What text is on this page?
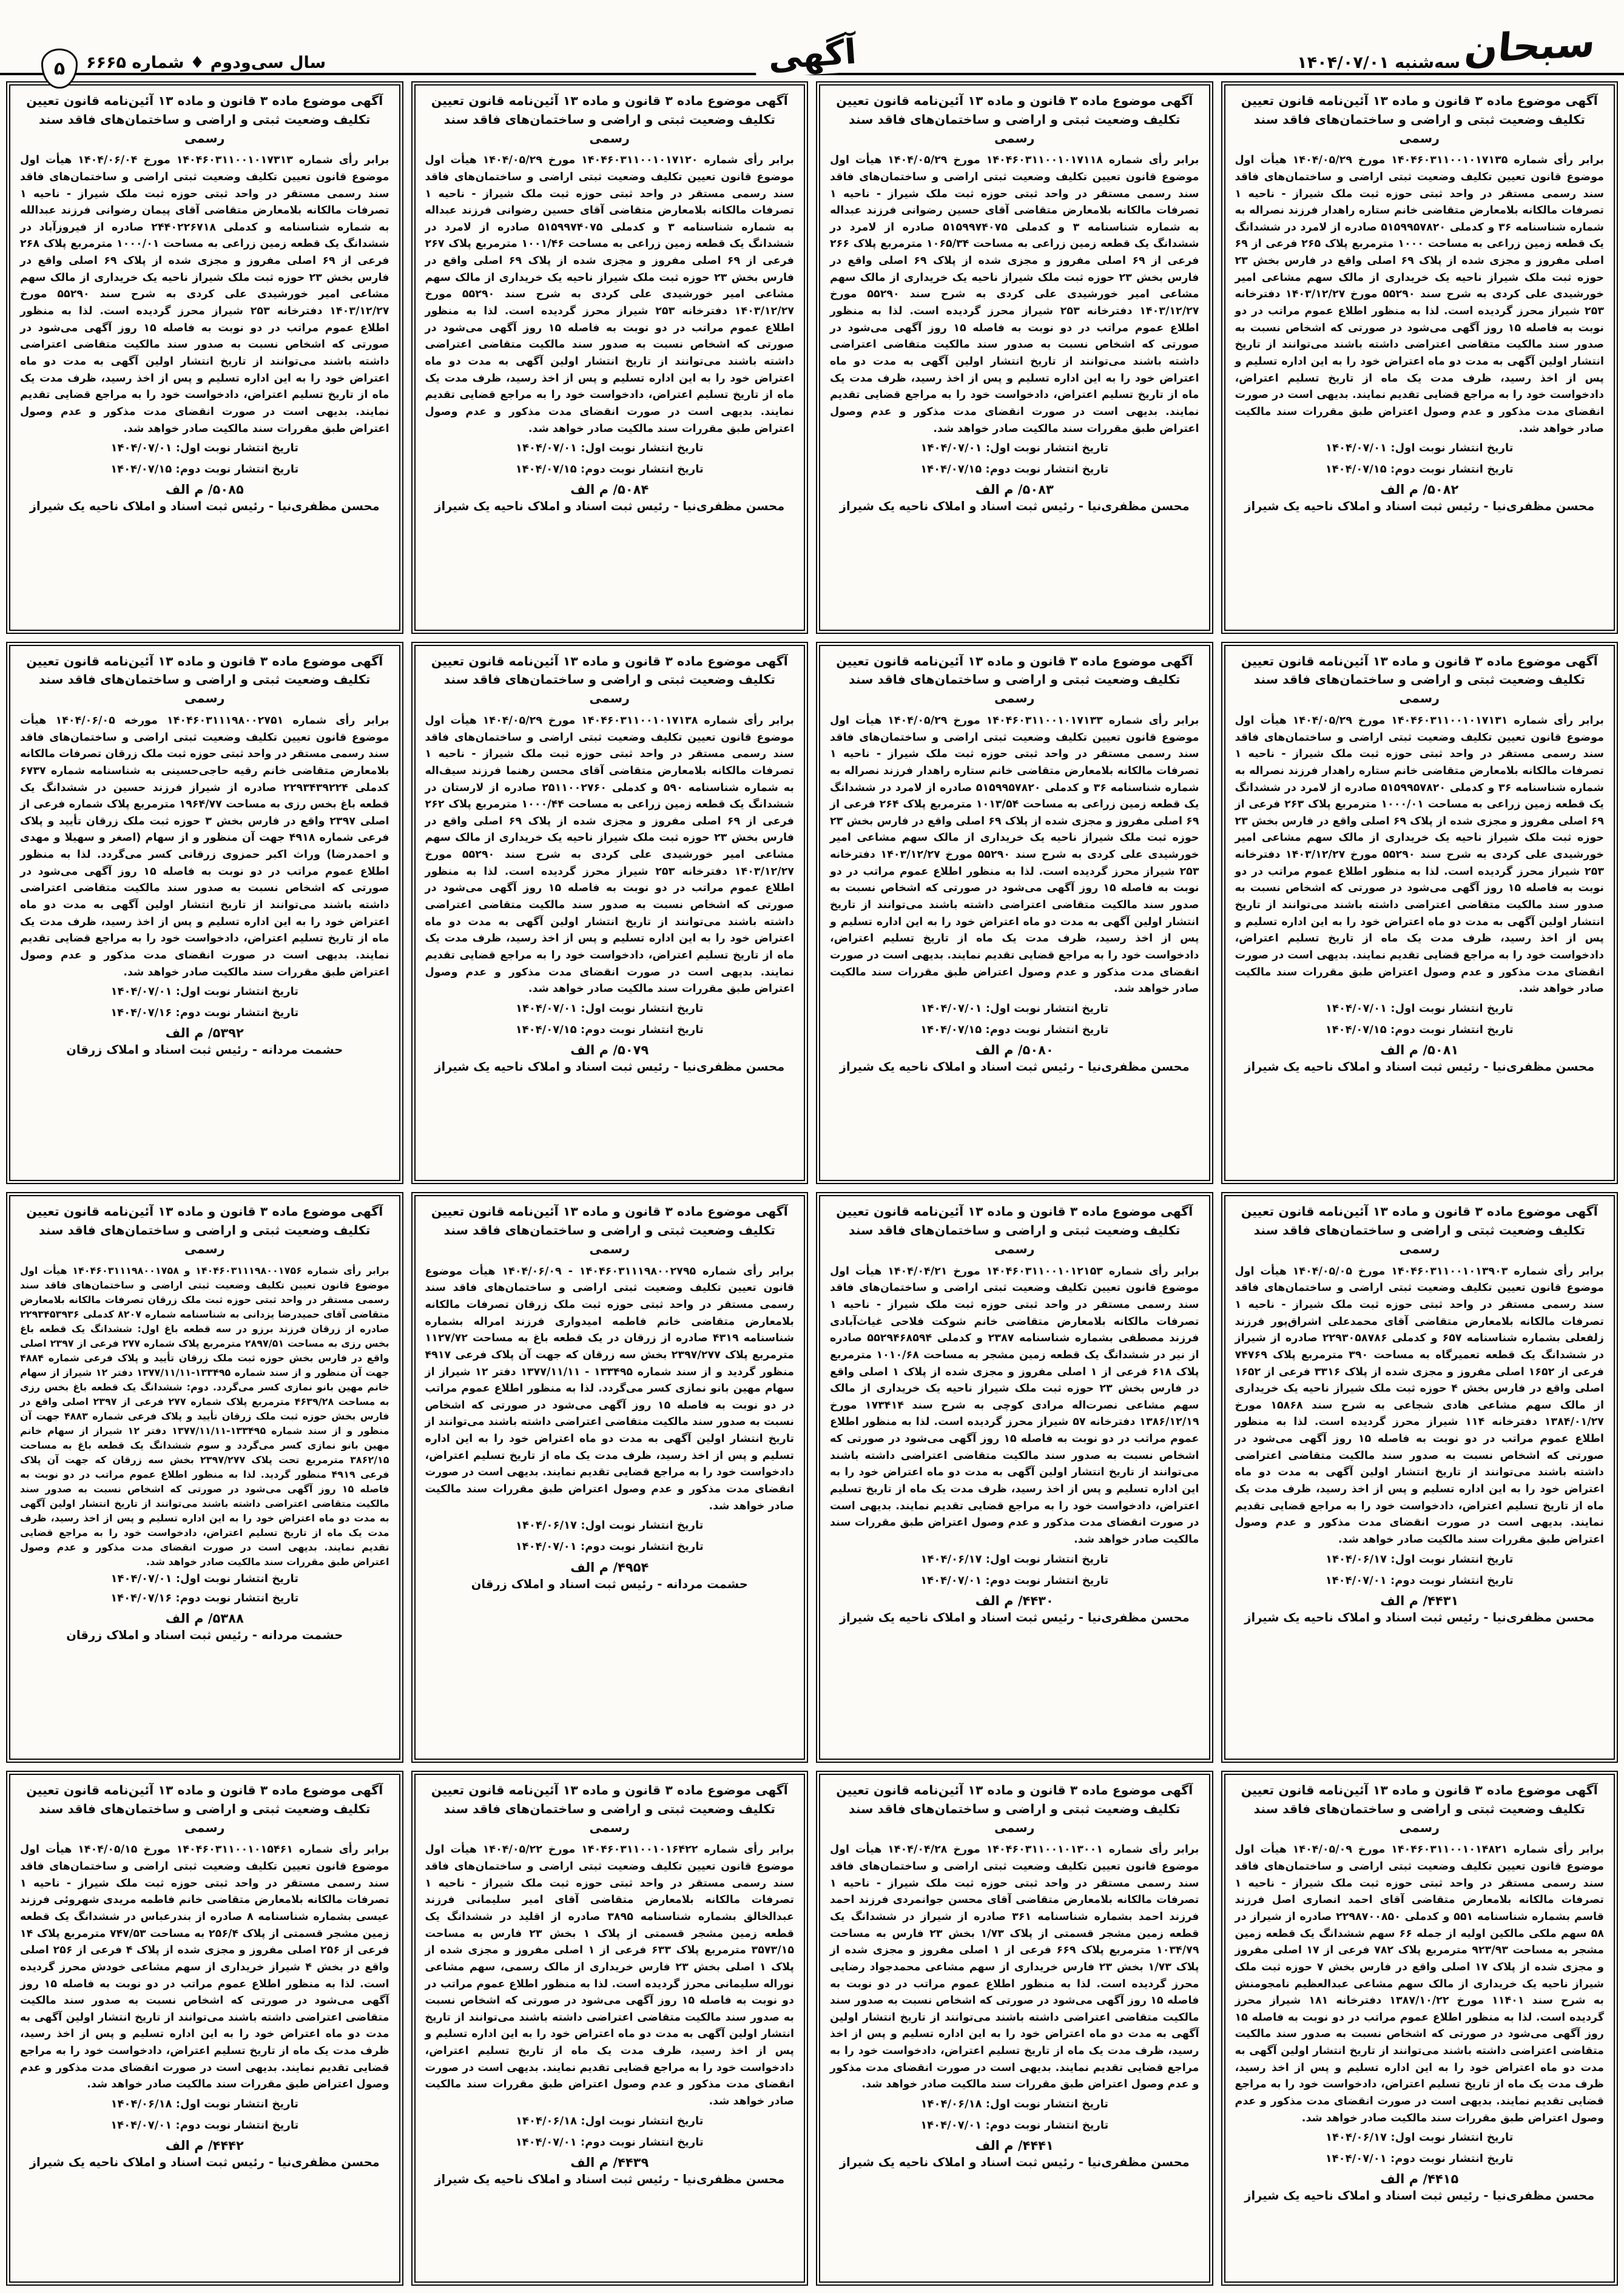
۵ سال سی‌ودوم ♦ شماره ۶۶۶۵	آگهی	سه‌شنبه ۱۴۰۴/۰۷/۰۱ سبحان
آگهی موضوع ماده ۳ قانون و ماده ۱۳ آئین‌نامه قانون تعیین
تکلیف وضعیت ثبتی و اراضی و ساختمان‌های فاقد سند رسمی

برابر رأی شماره ۱۴۰۴۶۰۳۱۱۰۰۱۰۱۷۱۳۵ مورخ ۱۴۰۴/۰۵/۲۹ هیأت اول موضوع قانون تعیین تکلیف وضعیت ثبتی اراضی و ساختمان‌های فاقد سند رسمی مستقر در واحد ثبتی حوزه ثبت ملک شیراز - ناحیه ۱ تصرفات مالکانه بلامعارض متقاضی خانم ستاره راهدار فرزند نصراله به شماره شناسنامه ۳۶ و کدملی ۵۱۵۹۹۵۷۸۲۰ صادره از لامرد در ششدانگ یک قطعه زمین زراعی به مساحت ۱۰۰۰ مترمربع پلاک ۲۶۵ فرعی از ۶۹ اصلی مفروز و مجزی شده از پلاک ۶۹ اصلی واقع در فارس بخش ۲۳ حوزه ثبت ملک شیراز ناحیه یک خریداری از مالک سهم مشاعی امیر خورشیدی علی کردی به شرح سند ۵۵۲۹۰ مورخ ۱۴۰۳/۱۲/۲۷ دفترخانه ۲۵۳ شیراز محرز گردیده است. لذا به منظور اطلاع عموم مراتب در دو نوبت به فاصله ۱۵ روز آگهی می‌شود در صورتی که اشخاص نسبت به صدور سند مالکیت متقاضی اعتراضی داشته باشند می‌توانند از تاریخ انتشار اولین آگهی به مدت دو ماه اعتراض خود را به این اداره تسلیم و پس از اخذ رسید، ظرف مدت یک ماه از تاریخ تسلیم اعتراض، دادخواست خود را به مراجع قضایی تقدیم نمایند. بدیهی است در صورت انقضای مدت مذکور و عدم وصول اعتراض طبق مقررات سند مالکیت صادر خواهد شد.

تاریخ انتشار نوبت اول: ۱۴۰۴/۰۷/۰۱
تاریخ انتشار نوبت دوم: ۱۴۰۴/۰۷/۱۵
۵۰۸۲/ م الف
محسن مظفری‌نیا - رئیس ثبت اسناد و املاک ناحیه یک شیراز
آگهی موضوع ماده ۳ قانون و ماده ۱۳ آئین‌نامه قانون تعیین
تکلیف وضعیت ثبتی و اراضی و ساختمان‌های فاقد سند رسمی

برابر رأی شماره ۱۴۰۴۶۰۳۱۱۰۰۱۰۱۷۱۱۸ مورخ ۱۴۰۴/۰۵/۲۹ هیأت اول موضوع قانون تعیین تکلیف وضعیت ثبتی اراضی و ساختمان‌های فاقد سند رسمی مستقر در واحد ثبتی حوزه ثبت ملک شیراز - ناحیه ۱ تصرفات مالکانه بلامعارض متقاضی آقای حسین رضوانی فرزند عبداله به شماره شناسنامه ۳ و کدملی ۵۱۵۹۹۷۴۰۷۵ صادره از لامرد در ششدانگ یک قطعه زمین زراعی به مساحت ۱۰۶۵/۳۴ مترمربع پلاک ۲۶۶ فرعی از ۶۹ اصلی مفروز و مجزی شده از پلاک ۶۹ اصلی واقع در فارس بخش ۲۳ حوزه ثبت ملک شیراز ناحیه یک خریداری از مالک سهم مشاعی امیر خورشیدی علی کردی به شرح سند ۵۵۲۹۰ مورخ ۱۴۰۳/۱۲/۲۷ دفترخانه ۲۵۳ شیراز محرز گردیده است. لذا به منظور اطلاع عموم مراتب در دو نوبت به فاصله ۱۵ روز آگهی می‌شود در صورتی که اشخاص نسبت به صدور سند مالکیت متقاضی اعتراضی داشته باشند می‌توانند از تاریخ انتشار اولین آگهی به مدت دو ماه اعتراض خود را به این اداره تسلیم و پس از اخذ رسید، ظرف مدت یک ماه از تاریخ تسلیم اعتراض، دادخواست خود را به مراجع قضایی تقدیم نمایند. بدیهی است در صورت انقضای مدت مذکور و عدم وصول اعتراض طبق مقررات سند مالکیت صادر خواهد شد.

تاریخ انتشار نوبت اول: ۱۴۰۴/۰۷/۰۱
تاریخ انتشار نوبت دوم: ۱۴۰۴/۰۷/۱۵
۵۰۸۳/ م الف
محسن مظفری‌نیا - رئیس ثبت اسناد و املاک ناحیه یک شیراز
آگهی موضوع ماده ۳ قانون و ماده ۱۳ آئین‌نامه قانون تعیین
تکلیف وضعیت ثبتی و اراضی و ساختمان‌های فاقد سند رسمی

برابر رأی شماره ۱۴۰۴۶۰۳۱۱۰۰۱۰۱۷۱۲۰ مورخ ۱۴۰۴/۰۵/۲۹ هیأت اول موضوع قانون تعیین تکلیف وضعیت ثبتی اراضی و ساختمان‌های فاقد سند رسمی مستقر در واحد ثبتی حوزه ثبت ملک شیراز - ناحیه ۱ تصرفات مالکانه بلامعارض متقاضی آقای حسین رضوانی فرزند عبداله به شماره شناسنامه ۳ و کدملی ۵۱۵۹۹۷۴۰۷۵ صادره از لامرد در ششدانگ یک قطعه زمین زراعی به مساحت ۱۰۰۱/۴۶ مترمربع پلاک ۲۶۷ فرعی از ۶۹ اصلی مفروز و مجزی شده از پلاک ۶۹ اصلی واقع در فارس بخش ۲۳ حوزه ثبت ملک شیراز ناحیه یک خریداری از مالک سهم مشاعی امیر خورشیدی علی کردی به شرح سند ۵۵۲۹۰ مورخ ۱۴۰۳/۱۲/۲۷ دفترخانه ۲۵۳ شیراز محرز گردیده است. لذا به منظور اطلاع عموم مراتب در دو نوبت به فاصله ۱۵ روز آگهی می‌شود در صورتی که اشخاص نسبت به صدور سند مالکیت متقاضی اعتراضی داشته باشند می‌توانند از تاریخ انتشار اولین آگهی به مدت دو ماه اعتراض خود را به این اداره تسلیم و پس از اخذ رسید، ظرف مدت یک ماه از تاریخ تسلیم اعتراض، دادخواست خود را به مراجع قضایی تقدیم نمایند. بدیهی است در صورت انقضای مدت مذکور و عدم وصول اعتراض طبق مقررات سند مالکیت صادر خواهد شد.

تاریخ انتشار نوبت اول: ۱۴۰۴/۰۷/۰۱
تاریخ انتشار نوبت دوم: ۱۴۰۴/۰۷/۱۵
۵۰۸۴/ م الف
محسن مظفری‌نیا - رئیس ثبت اسناد و املاک ناحیه یک شیراز
آگهی موضوع ماده ۳ قانون و ماده ۱۳ آئین‌نامه قانون تعیین
تکلیف وضعیت ثبتی و اراضی و ساختمان‌های فاقد سند رسمی

برابر رأی شماره ۱۴۰۴۶۰۳۱۱۰۰۱۰۱۷۳۱۳ مورخ ۱۴۰۴/۰۶/۰۴ هیأت اول موضوع قانون تعیین تکلیف وضعیت ثبتی اراضی و ساختمان‌های فاقد سند رسمی مستقر در واحد ثبتی حوزه ثبت ملک شیراز - ناحیه ۱ تصرفات مالکانه بلامعارض متقاضی آقای پیمان رضوانی فرزند عبدالله به شماره شناسنامه و کدملی ۲۴۴۰۲۲۶۷۱۸ صادره از فیروزآباد در ششدانگ یک قطعه زمین زراعی به مساحت ۱۰۰۰/۰۱ مترمربع پلاک ۲۶۸ فرعی از ۶۹ اصلی مفروز و مجزی شده از پلاک ۶۹ اصلی واقع در فارس بخش ۲۳ حوزه ثبت ملک شیراز ناحیه یک خریداری از مالک سهم مشاعی امیر خورشیدی علی کردی به شرح سند ۵۵۲۹۰ مورخ ۱۴۰۳/۱۲/۲۷ دفترخانه ۲۵۳ شیراز محرز گردیده است. لذا به منظور اطلاع عموم مراتب در دو نوبت به فاصله ۱۵ روز آگهی می‌شود در صورتی که اشخاص نسبت به صدور سند مالکیت متقاضی اعتراضی داشته باشند می‌توانند از تاریخ انتشار اولین آگهی به مدت دو ماه اعتراض خود را به این اداره تسلیم و پس از اخذ رسید، ظرف مدت یک ماه از تاریخ تسلیم اعتراض، دادخواست خود را به مراجع قضایی تقدیم نمایند. بدیهی است در صورت انقضای مدت مذکور و عدم وصول اعتراض طبق مقررات سند مالکیت صادر خواهد شد.

تاریخ انتشار نوبت اول: ۱۴۰۴/۰۷/۰۱
تاریخ انتشار نوبت دوم: ۱۴۰۴/۰۷/۱۵
۵۰۸۵/ م الف
محسن مظفری‌نیا - رئیس ثبت اسناد و املاک ناحیه یک شیراز
آگهی موضوع ماده ۳ قانون و ماده ۱۳ آئین‌نامه قانون تعیین
تکلیف وضعیت ثبتی و اراضی و ساختمان‌های فاقد سند رسمی

برابر رأی شماره ۱۴۰۴۶۰۳۱۱۰۰۱۰۱۷۱۳۱ مورخ ۱۴۰۴/۰۵/۲۹ هیأت اول موضوع قانون تعیین تکلیف وضعیت ثبتی اراضی و ساختمان‌های فاقد سند رسمی مستقر در واحد ثبتی حوزه ثبت ملک شیراز - ناحیه ۱ تصرفات مالکانه بلامعارض متقاضی خانم ستاره راهدار فرزند نصراله به شماره شناسنامه ۳۶ و کدملی ۵۱۵۹۹۵۷۸۲۰ صادره از لامرد در ششدانگ یک قطعه زمین زراعی به مساحت ۱۰۰۰/۰۱ مترمربع پلاک ۲۶۳ فرعی از ۶۹ اصلی مفروز و مجزی شده از پلاک ۶۹ اصلی واقع در فارس بخش ۲۳ حوزه ثبت ملک شیراز ناحیه یک خریداری از مالک سهم مشاعی امیر خورشیدی علی کردی به شرح سند ۵۵۲۹۰ مورخ ۱۴۰۳/۱۲/۲۷ دفترخانه ۲۵۳ شیراز محرز گردیده است. لذا به منظور اطلاع عموم مراتب در دو نوبت به فاصله ۱۵ روز آگهی می‌شود در صورتی که اشخاص نسبت به صدور سند مالکیت متقاضی اعتراضی داشته باشند می‌توانند از تاریخ انتشار اولین آگهی به مدت دو ماه اعتراض خود را به این اداره تسلیم و پس از اخذ رسید، ظرف مدت یک ماه از تاریخ تسلیم اعتراض، دادخواست خود را به مراجع قضایی تقدیم نمایند. بدیهی است در صورت انقضای مدت مذکور و عدم وصول اعتراض طبق مقررات سند مالکیت صادر خواهد شد.

تاریخ انتشار نوبت اول: ۱۴۰۴/۰۷/۰۱
تاریخ انتشار نوبت دوم: ۱۴۰۴/۰۷/۱۵
۵۰۸۱/ م الف
محسن مظفری‌نیا - رئیس ثبت اسناد و املاک ناحیه یک شیراز
آگهی موضوع ماده ۳ قانون و ماده ۱۳ آئین‌نامه قانون تعیین
تکلیف وضعیت ثبتی و اراضی و ساختمان‌های فاقد سند رسمی

برابر رأی شماره ۱۴۰۴۶۰۳۱۱۰۰۱۰۱۷۱۳۳ مورخ ۱۴۰۴/۰۵/۲۹ هیأت اول موضوع قانون تعیین تکلیف وضعیت ثبتی اراضی و ساختمان‌های فاقد سند رسمی مستقر در واحد ثبتی حوزه ثبت ملک شیراز - ناحیه ۱ تصرفات مالکانه بلامعارض متقاضی خانم ستاره راهدار فرزند نصراله به شماره شناسنامه ۳۶ و کدملی ۵۱۵۹۹۵۷۸۲۰ صادره از لامرد در ششدانگ یک قطعه زمین زراعی به مساحت ۱۰۱۳/۵۴ مترمربع پلاک ۲۶۴ فرعی از ۶۹ اصلی مفروز و مجزی شده از پلاک ۶۹ اصلی واقع در فارس بخش ۲۳ حوزه ثبت ملک شیراز ناحیه یک خریداری از مالک سهم مشاعی امیر خورشیدی علی کردی به شرح سند ۵۵۲۹۰ مورخ ۱۴۰۳/۱۲/۲۷ دفترخانه ۲۵۳ شیراز محرز گردیده است. لذا به منظور اطلاع عموم مراتب در دو نوبت به فاصله ۱۵ روز آگهی می‌شود در صورتی که اشخاص نسبت به صدور سند مالکیت متقاضی اعتراضی داشته باشند می‌توانند از تاریخ انتشار اولین آگهی به مدت دو ماه اعتراض خود را به این اداره تسلیم و پس از اخذ رسید، ظرف مدت یک ماه از تاریخ تسلیم اعتراض، دادخواست خود را به مراجع قضایی تقدیم نمایند. بدیهی است در صورت انقضای مدت مذکور و عدم وصول اعتراض طبق مقررات سند مالکیت صادر خواهد شد.

تاریخ انتشار نوبت اول: ۱۴۰۴/۰۷/۰۱
تاریخ انتشار نوبت دوم: ۱۴۰۴/۰۷/۱۵
۵۰۸۰/ م الف
محسن مظفری‌نیا - رئیس ثبت اسناد و املاک ناحیه یک شیراز
آگهی موضوع ماده ۳ قانون و ماده ۱۳ آئین‌نامه قانون تعیین
تکلیف وضعیت ثبتی و اراضی و ساختمان‌های فاقد سند رسمی

برابر رأی شماره ۱۴۰۴۶۰۳۱۱۰۰۱۰۱۷۱۳۸ مورخ ۱۴۰۴/۰۵/۲۹ هیأت اول موضوع قانون تعیین تکلیف وضعیت ثبتی اراضی و ساختمان‌های فاقد سند رسمی مستقر در واحد ثبتی حوزه ثبت ملک شیراز - ناحیه ۱ تصرفات مالکانه بلامعارض متقاضی آقای محسن رهنما فرزند سیف‌اله به شماره شناسنامه ۵۹۰ و کدملی ۲۵۱۱۰۰۲۷۶۰ صادره از لارستان در ششدانگ یک قطعه زمین زراعی به مساحت ۱۰۰۰/۴۴ مترمربع پلاک ۲۶۲ فرعی از ۶۹ اصلی مفروز و مجزی شده از پلاک ۶۹ اصلی واقع در فارس بخش ۲۳ حوزه ثبت ملک شیراز ناحیه یک خریداری از مالک سهم مشاعی امیر خورشیدی علی کردی به شرح سند ۵۵۲۹۰ مورخ ۱۴۰۳/۱۲/۲۷ دفترخانه ۲۵۳ شیراز محرز گردیده است. لذا به منظور اطلاع عموم مراتب در دو نوبت به فاصله ۱۵ روز آگهی می‌شود در صورتی که اشخاص نسبت به صدور سند مالکیت متقاضی اعتراضی داشته باشند می‌توانند از تاریخ انتشار اولین آگهی به مدت دو ماه اعتراض خود را به این اداره تسلیم و پس از اخذ رسید، ظرف مدت یک ماه از تاریخ تسلیم اعتراض، دادخواست خود را به مراجع قضایی تقدیم نمایند. بدیهی است در صورت انقضای مدت مذکور و عدم وصول اعتراض طبق مقررات سند مالکیت صادر خواهد شد.

تاریخ انتشار نوبت اول: ۱۴۰۴/۰۷/۰۱
تاریخ انتشار نوبت دوم: ۱۴۰۴/۰۷/۱۵
۵۰۷۹/ م الف
محسن مظفری‌نیا - رئیس ثبت اسناد و املاک ناحیه یک شیراز
آگهی موضوع ماده ۳ قانون و ماده ۱۳ آئین‌نامه قانون تعیین
تکلیف وضعیت ثبتی و اراضی و ساختمان‌های فاقد سند رسمی

برابر رأی شماره ۱۴۰۴۶۰۳۱۱۱۹۸۰۰۲۷۵۱ مورخه ۱۴۰۴/۰۶/۰۵ هیأت موضوع قانون تعیین تکلیف وضعیت ثبتی اراضی و ساختمان‌های فاقد سند رسمی مستقر در واحد ثبتی حوزه ثبت ملک زرقان تصرفات مالکانه بلامعارض متقاضی خانم رقیه حاجی‌حسینی به شناسنامه شماره ۶۷۳۷ کدملی ۲۲۹۳۴۳۹۲۲۴ صادره از شیراز فرزند حسین در ششدانگ یک قطعه باغ بخس رزی به مساحت ۱۹۶۴/۷۷ مترمربع پلاک شماره فرعی از اصلی ۲۳۹۷ واقع در فارس بخش ۳ حوزه ثبت ملک زرقان تأیید و پلاک فرعی شماره ۴۹۱۸ جهت آن منظور و از سهام (اصغر و سهیلا و مهدی و احمدرضا) وراث اکبر حمزوی زرقانی کسر می‌گردد. لذا به منظور اطلاع عموم مراتب در دو نوبت به فاصله ۱۵ روز آگهی می‌شود در صورتی که اشخاص نسبت به صدور سند مالکیت متقاضی اعتراضی داشته باشند می‌توانند از تاریخ انتشار اولین آگهی به مدت دو ماه اعتراض خود را به این اداره تسلیم و پس از اخذ رسید، ظرف مدت یک ماه از تاریخ تسلیم اعتراض، دادخواست خود را به مراجع قضایی تقدیم نمایند. بدیهی است در صورت انقضای مدت مذکور و عدم وصول اعتراض طبق مقررات سند مالکیت صادر خواهد شد.

تاریخ انتشار نوبت اول: ۱۴۰۴/۰۷/۰۱
تاریخ انتشار نوبت دوم: ۱۴۰۴/۰۷/۱۶
۵۳۹۲/ م الف
حشمت مردانه - رئیس ثبت اسناد و املاک زرقان
آگهی موضوع ماده ۳ قانون و ماده ۱۳ آئین‌نامه قانون تعیین
تکلیف وضعیت ثبتی و اراضی و ساختمان‌های فاقد سند رسمی

برابر رأی شماره ۱۴۰۴۶۰۳۱۱۰۰۱۰۱۳۹۰۳ مورخ ۱۴۰۴/۰۵/۰۵ هیأت اول موضوع قانون تعیین تکلیف وضعیت ثبتی اراضی و ساختمان‌های فاقد سند رسمی مستقر در واحد ثبتی حوزه ثبت ملک شیراز - ناحیه ۱ تصرفات مالکانه بلامعارض متقاضی آقای محمدعلی اشراق‌پور فرزند زلفعلی بشماره شناسنامه ۶۵۷ و کدملی ۲۲۹۳۰۵۸۷۸۶ صادره از شیراز در ششدانگ یک قطعه تعمیرگاه به مساحت ۳۹۰ مترمربع پلاک ۷۴۷۶۹ فرعی از ۱۶۵۲ اصلی مفروز و مجزی شده از پلاک ۳۳۱۶ فرعی از ۱۶۵۲ اصلی واقع در فارس بخش ۴ حوزه ثبت ملک شیراز ناحیه یک خریداری از مالک سهم مشاعی هادی شجاعی به شرح سند ۱۵۸۶۸ مورخ ۱۳۸۴/۰۱/۲۷ دفترخانه ۱۱۴ شیراز محرز گردیده است. لذا به منظور اطلاع عموم مراتب در دو نوبت به فاصله ۱۵ روز آگهی می‌شود در صورتی که اشخاص نسبت به صدور سند مالکیت متقاضی اعتراضی داشته باشند می‌توانند از تاریخ انتشار اولین آگهی به مدت دو ماه اعتراض خود را به این اداره تسلیم و پس از اخذ رسید، ظرف مدت یک ماه از تاریخ تسلیم اعتراض، دادخواست خود را به مراجع قضایی تقدیم نمایند. بدیهی است در صورت انقضای مدت مذکور و عدم وصول اعتراض طبق مقررات سند مالکیت صادر خواهد شد.

تاریخ انتشار نوبت اول: ۱۴۰۴/۰۶/۱۷
تاریخ انتشار نوبت دوم: ۱۴۰۴/۰۷/۰۱
۴۴۳۱/ م الف
محسن مظفری‌نیا - رئیس ثبت اسناد و املاک ناحیه یک شیراز
آگهی موضوع ماده ۳ قانون و ماده ۱۳ آئین‌نامه قانون تعیین
تکلیف وضعیت ثبتی و اراضی و ساختمان‌های فاقد سند رسمی

برابر رأی شماره ۱۴۰۴۶۰۳۱۱۰۰۱۰۱۲۱۵۳ مورخ ۱۴۰۴/۰۴/۲۱ هیأت اول موضوع قانون تعیین تکلیف وضعیت ثبتی اراضی و ساختمان‌های فاقد سند رسمی مستقر در واحد ثبتی حوزه ثبت ملک شیراز - ناحیه ۱ تصرفات مالکانه بلامعارض متقاضی خانم شوکت فلاحی غیاث‌آبادی فرزند مصطفی بشماره شناسنامه ۲۳۸۷ و کدملی ۵۵۲۹۴۶۸۵۹۴ صادره از نیر در ششدانگ یک قطعه زمین مشجر به مساحت ۱۰۱۰/۶۸ مترمربع پلاک ۶۱۸ فرعی از ۱ اصلی مفروز و مجزی شده از پلاک ۱ اصلی واقع در فارس بخش ۲۳ حوزه ثبت ملک شیراز ناحیه یک خریداری از مالک سهم مشاعی نصرت‌اله مرادی کوچی به شرح سند ۱۷۳۴۱۴ مورخ ۱۳۸۶/۱۲/۱۹ دفترخانه ۵۷ شیراز محرز گردیده است. لذا به منظور اطلاع عموم مراتب در دو نوبت به فاصله ۱۵ روز آگهی می‌شود در صورتی که اشخاص نسبت به صدور سند مالکیت متقاضی اعتراضی داشته باشند می‌توانند از تاریخ انتشار اولین آگهی به مدت دو ماه اعتراض خود را به این اداره تسلیم و پس از اخذ رسید، ظرف مدت یک ماه از تاریخ تسلیم اعتراض، دادخواست خود را به مراجع قضایی تقدیم نمایند. بدیهی است در صورت انقضای مدت مذکور و عدم وصول اعتراض طبق مقررات سند مالکیت صادر خواهد شد.

تاریخ انتشار نوبت اول: ۱۴۰۴/۰۶/۱۷
تاریخ انتشار نوبت دوم: ۱۴۰۴/۰۷/۰۱
۴۴۳۰/ م الف
محسن مظفری‌نیا - رئیس ثبت اسناد و املاک ناحیه یک شیراز
آگهی موضوع ماده ۳ قانون و ماده ۱۳ آئین‌نامه قانون تعیین
تکلیف وضعیت ثبتی و اراضی و ساختمان‌های فاقد سند رسمی

برابر رأی شماره ۱۴۰۴۶۰۳۱۱۱۹۸۰۰۲۷۹۵ - ۱۴۰۴/۰۶/۰۹ هیأت موضوع قانون تعیین تکلیف وضعیت ثبتی اراضی و ساختمان‌های فاقد سند رسمی مستقر در واحد ثبتی حوزه ثبت ملک زرقان تصرفات مالکانه بلامعارض متقاضی خانم فاطمه امیدواری فرزند امراله بشماره شناسنامه ۴۳۱۹ صادره از زرقان در یک قطعه باغ به مساحت ۱۱۲۷/۷۲ مترمربع پلاک ۲۳۹۷/۲۷۷ بخش سه زرقان که جهت آن پلاک فرعی ۴۹۱۷ منظور گردید و از سند شماره ۱۳۳۴۹۵ - ۱۳۷۷/۱۱/۱۱ دفتر ۱۲ شیراز از سهام مهین بانو نمازی کسر می‌گردد. لذا به منظور اطلاع عموم مراتب در دو نوبت به فاصله ۱۵ روز آگهی می‌شود در صورتی که اشخاص نسبت به صدور سند مالکیت متقاضی اعتراضی داشته باشند می‌توانند از تاریخ انتشار اولین آگهی به مدت دو ماه اعتراض خود را به این اداره تسلیم و پس از اخذ رسید، ظرف مدت یک ماه از تاریخ تسلیم اعتراض، دادخواست خود را به مراجع قضایی تقدیم نمایند. بدیهی است در صورت انقضای مدت مذکور و عدم وصول اعتراض طبق مقررات سند مالکیت صادر خواهد شد.

تاریخ انتشار نوبت اول: ۱۴۰۴/۰۶/۱۷
تاریخ انتشار نوبت دوم: ۱۴۰۴/۰۷/۰۱
۴۹۵۴/ م الف
حشمت مردانه - رئیس ثبت اسناد و املاک زرقان
آگهی موضوع ماده ۳ قانون و ماده ۱۳ آئین‌نامه قانون تعیین
تکلیف وضعیت ثبتی و اراضی و ساختمان‌های فاقد سند رسمی

برابر رأی شماره ۱۴۰۴۶۰۳۱۱۱۹۸۰۰۱۷۵۶ و ۱۴۰۴۶۰۳۱۱۱۹۸۰۰۱۷۵۸ هیأت اول موضوع قانون تعیین تکلیف وضعیت ثبتی اراضی و ساختمان‌های فاقد سند رسمی مستقر در واحد ثبتی حوزه ثبت ملک زرقان تصرفات مالکانه بلامعارض متقاضی آقای حمیدرضا یزدانی به شناسنامه شماره ۸۲۰۷ کدملی ۲۲۹۳۴۵۳۹۳۶ صادره از زرقان فرزند برزو در سه قطعه باغ اول: ششدانگ یک قطعه باغ بخس رزی به مساحت ۲۸۹۷/۵۱ مترمربع پلاک شماره ۲۷۷ فرعی از ۲۳۹۷ اصلی واقع در فارس بخش حوزه ثبت ملک زرقان تأیید و پلاک فرعی شماره ۴۸۸۴ جهت آن منظور و از سند شماره ۱۳۳۴۹۵-۱۳۷۷/۱۱/۱۱ دفتر ۱۲ شیراز از سهام خانم مهین بانو نمازی کسر می‌گردد. دوم: ششدانگ یک قطعه باغ بخس رزی به مساحت ۴۶۳۹/۲۸ مترمربع پلاک شماره ۲۷۷ فرعی از ۲۳۹۷ اصلی واقع در فارس بخش حوزه ثبت ملک زرقان تأیید و پلاک فرعی شماره ۴۸۸۳ جهت آن منظور و از سند شماره ۱۳۳۴۹۵-۱۳۷۷/۱۱/۱۱ دفتر ۱۲ شیراز از سهام خانم مهین بانو نمازی کسر می‌گردد و سوم ششدانگ یک قطعه باغ به مساحت ۳۸۶۲/۱۵ مترمربع تحت پلاک ۲۳۹۷/۲۷۷ بخش سه زرقان که جهت آن پلاک فرعی ۴۹۱۹ منظور گردید. لذا به منظور اطلاع عموم مراتب در دو نوبت به فاصله ۱۵ روز آگهی می‌شود در صورتی که اشخاص نسبت به صدور سند مالکیت متقاضی اعتراضی داشته باشند می‌توانند از تاریخ انتشار اولین آگهی به مدت دو ماه اعتراض خود را به این اداره تسلیم و پس از اخذ رسید، ظرف مدت یک ماه از تاریخ تسلیم اعتراض، دادخواست خود را به مراجع قضایی تقدیم نمایند. بدیهی است در صورت انقضای مدت مذکور و عدم وصول اعتراض طبق مقررات سند مالکیت صادر خواهد شد.

تاریخ انتشار نوبت اول: ۱۴۰۴/۰۷/۰۱
تاریخ انتشار نوبت دوم: ۱۴۰۴/۰۷/۱۶
۵۳۸۸/ م الف
حشمت مردانه - رئیس ثبت اسناد و املاک زرقان
آگهی موضوع ماده ۳ قانون و ماده ۱۳ آئین‌نامه قانون تعیین
تکلیف وضعیت ثبتی و اراضی و ساختمان‌های فاقد سند رسمی

برابر رأی شماره ۱۴۰۴۶۰۳۱۱۰۰۱۰۱۴۸۲۱ مورخ ۱۴۰۴/۰۵/۰۹ هیأت اول موضوع قانون تعیین تکلیف وضعیت ثبتی اراضی و ساختمان‌های فاقد سند رسمی مستقر در واحد ثبتی حوزه ثبت ملک شیراز - ناحیه ۱ تصرفات مالکانه بلامعارض متقاضی آقای احمد انصاری اصل فرزند قاسم بشماره شناسنامه ۵۵۱ و کدملی ۲۲۹۸۷۰۰۸۵۰ صادره از شیراز در ۵۸ سهم ملکی مالکین اولیه از جمله ۶۶ سهم ششدانگ یک قطعه زمین مشجر به مساحت ۹۲۳/۹۳ مترمربع پلاک ۷۸۲ فرعی از ۱۷ اصلی مفروز و مجزی شده از پلاک ۱۷ اصلی واقع در فارس بخش ۷ حوزه ثبت ملک شیراز ناحیه یک خریداری از مالک سهم مشاعی عبدالعظیم نامجومنش به شرح سند ۱۱۴۰۱ مورخ ۱۳۸۷/۱۰/۲۲ دفترخانه ۱۸۱ شیراز محرز گردیده است. لذا به منظور اطلاع عموم مراتب در دو نوبت به فاصله ۱۵ روز آگهی می‌شود در صورتی که اشخاص نسبت به صدور سند مالکیت متقاضی اعتراضی داشته باشند می‌توانند از تاریخ انتشار اولین آگهی به مدت دو ماه اعتراض خود را به این اداره تسلیم و پس از اخذ رسید، ظرف مدت یک ماه از تاریخ تسلیم اعتراض، دادخواست خود را به مراجع قضایی تقدیم نمایند. بدیهی است در صورت انقضای مدت مذکور و عدم وصول اعتراض طبق مقررات سند مالکیت صادر خواهد شد.

تاریخ انتشار نوبت اول: ۱۴۰۴/۰۶/۱۷
تاریخ انتشار نوبت دوم: ۱۴۰۴/۰۷/۰۱
۴۴۱۵/ م الف
محسن مظفری‌نیا - رئیس ثبت اسناد و املاک ناحیه یک شیراز
آگهی موضوع ماده ۳ قانون و ماده ۱۳ آئین‌نامه قانون تعیین
تکلیف وضعیت ثبتی و اراضی و ساختمان‌های فاقد سند رسمی

برابر رأی شماره ۱۴۰۴۶۰۳۱۱۰۰۱۰۱۳۰۰۱ مورخ ۱۴۰۴/۰۴/۲۸ هیأت اول موضوع قانون تعیین تکلیف وضعیت ثبتی اراضی و ساختمان‌های فاقد سند رسمی مستقر در واحد ثبتی حوزه ثبت ملک شیراز - ناحیه ۱ تصرفات مالکانه بلامعارض متقاضی آقای محسن جوانمردی فرزند احمد فرزند احمد بشماره شناسنامه ۳۶۱ صادره از شیراز در ششدانگ یک قطعه زمین مشجر قسمتی از پلاک ۱/۷۳ بخش ۲۳ فارس به مساحت ۱۰۳۴/۷۹ مترمربع پلاک ۶۶۹ فرعی از ۱ اصلی مفروز و مجزی شده از پلاک ۱/۷۳ بخش ۲۳ فارس خریداری از سهم مشاعی محمدجواد رضایی محرز گردیده است. لذا به منظور اطلاع عموم مراتب در دو نوبت به فاصله ۱۵ روز آگهی می‌شود در صورتی که اشخاص نسبت به صدور سند مالکیت متقاضی اعتراضی داشته باشند می‌توانند از تاریخ انتشار اولین آگهی به مدت دو ماه اعتراض خود را به این اداره تسلیم و پس از اخذ رسید، ظرف مدت یک ماه از تاریخ تسلیم اعتراض، دادخواست خود را به مراجع قضایی تقدیم نمایند. بدیهی است در صورت انقضای مدت مذکور و عدم وصول اعتراض طبق مقررات سند مالکیت صادر خواهد شد.

تاریخ انتشار نوبت اول: ۱۴۰۴/۰۶/۱۸
تاریخ انتشار نوبت دوم: ۱۴۰۴/۰۷/۰۱
۴۴۴۱/ م الف
محسن مظفری‌نیا - رئیس ثبت اسناد و املاک ناحیه یک شیراز
آگهی موضوع ماده ۳ قانون و ماده ۱۳ آئین‌نامه قانون تعیین
تکلیف وضعیت ثبتی و اراضی و ساختمان‌های فاقد سند رسمی

برابر رأی شماره ۱۴۰۴۶۰۳۱۱۰۰۱۰۱۶۴۲۲ مورخ ۱۴۰۴/۰۵/۲۲ هیأت اول موضوع قانون تعیین تکلیف وضعیت ثبتی اراضی و ساختمان‌های فاقد سند رسمی مستقر در واحد ثبتی حوزه ثبت ملک شیراز - ناحیه ۱ تصرفات مالکانه بلامعارض متقاضی آقای امیر سلیمانی فرزند عبدالخالق بشماره شناسنامه ۳۸۹۵ صادره از اقلید در ششدانگ یک قطعه زمین مشجر قسمتی از پلاک ۱ بخش ۲۳ فارس به مساحت ۳۵۷۳/۱۵ مترمربع پلاک ۶۳۳ فرعی از ۱ اصلی مفروز و مجزی شده از پلاک ۱ اصلی بخش ۲۳ فارس خریداری از مالک رسمی، سهم مشاعی نوراله سلیمانی محرز گردیده است. لذا به منظور اطلاع عموم مراتب در دو نوبت به فاصله ۱۵ روز آگهی می‌شود در صورتی که اشخاص نسبت به صدور سند مالکیت متقاضی اعتراضی داشته باشند می‌توانند از تاریخ انتشار اولین آگهی به مدت دو ماه اعتراض خود را به این اداره تسلیم و پس از اخذ رسید، ظرف مدت یک ماه از تاریخ تسلیم اعتراض، دادخواست خود را به مراجع قضایی تقدیم نمایند. بدیهی است در صورت انقضای مدت مذکور و عدم وصول اعتراض طبق مقررات سند مالکیت صادر خواهد شد.

تاریخ انتشار نوبت اول: ۱۴۰۴/۰۶/۱۸
تاریخ انتشار نوبت دوم: ۱۴۰۴/۰۷/۰۱
۴۴۳۹/ م الف
محسن مظفری‌نیا - رئیس ثبت اسناد و املاک ناحیه یک شیراز
آگهی موضوع ماده ۳ قانون و ماده ۱۳ آئین‌نامه قانون تعیین
تکلیف وضعیت ثبتی و اراضی و ساختمان‌های فاقد سند رسمی

برابر رأی شماره ۱۴۰۴۶۰۳۱۱۰۰۱۰۱۵۴۶۱ مورخ ۱۴۰۴/۰۵/۱۵ هیأت اول موضوع قانون تعیین تکلیف وضعیت ثبتی اراضی و ساختمان‌های فاقد سند رسمی مستقر در واحد ثبتی حوزه ثبت ملک شیراز - ناحیه ۱ تصرفات مالکانه بلامعارض متقاضی خانم فاطمه مریدی شهروئی فرزند عیسی بشماره شناسنامه ۸ صادره از بندرعباس در ششدانگ یک قطعه زمین مشجر قسمتی از پلاک ۲۵۶/۴ به مساحت ۷۴۷/۵۳ مترمربع پلاک ۱۴ فرعی از ۲۵۶ اصلی مفروز و مجزی شده از پلاک ۴ فرعی از ۲۵۶ اصلی واقع در بخش ۴ شیراز خریداری از سهم مشاعی خودش محرز گردیده است. لذا به منظور اطلاع عموم مراتب در دو نوبت به فاصله ۱۵ روز آگهی می‌شود در صورتی که اشخاص نسبت به صدور سند مالکیت متقاضی اعتراضی داشته باشند می‌توانند از تاریخ انتشار اولین آگهی به مدت دو ماه اعتراض خود را به این اداره تسلیم و پس از اخذ رسید، ظرف مدت یک ماه از تاریخ تسلیم اعتراض، دادخواست خود را به مراجع قضایی تقدیم نمایند. بدیهی است در صورت انقضای مدت مذکور و عدم وصول اعتراض طبق مقررات سند مالکیت صادر خواهد شد.

تاریخ انتشار نوبت اول: ۱۴۰۴/۰۶/۱۸
تاریخ انتشار نوبت دوم: ۱۴۰۴/۰۷/۰۱
۴۴۴۲/ م الف
محسن مظفری‌نیا - رئیس ثبت اسناد و املاک ناحیه یک شیراز
